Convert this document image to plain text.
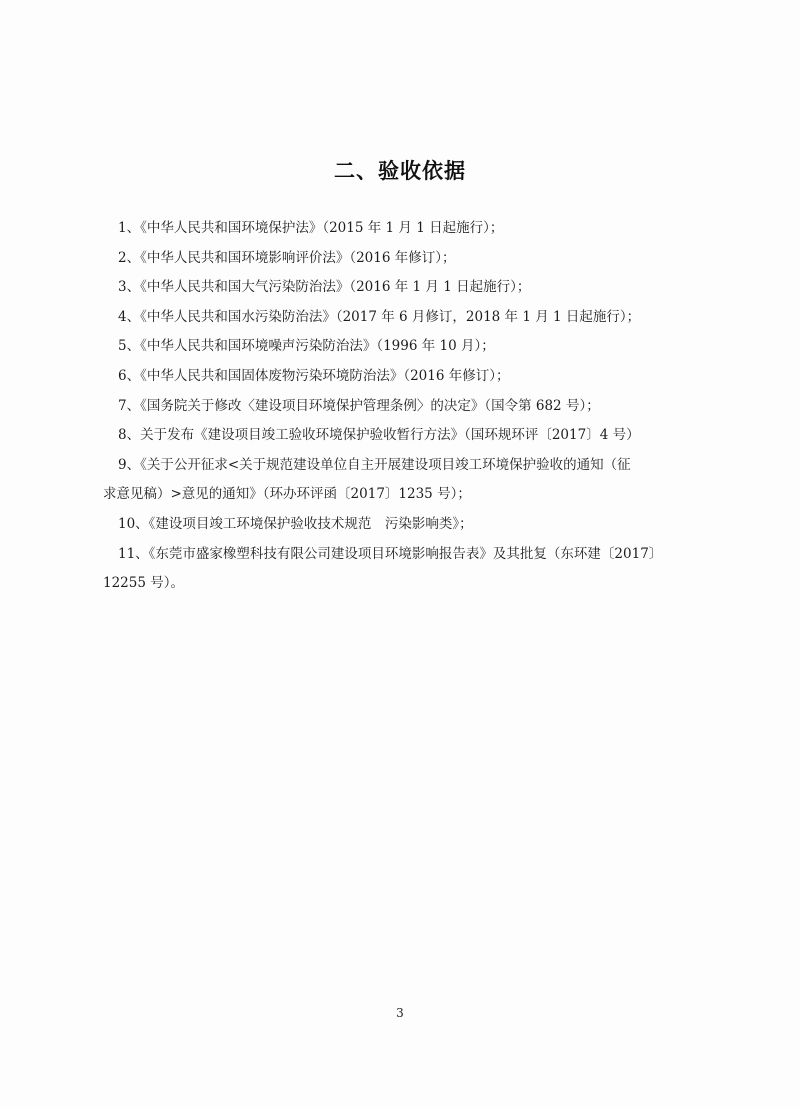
二、验收依据
1、《中华人民共和国环境保护法》（2015 年 1 月 1 日起施行）；
2、《中华人民共和国环境影响评价法》（2016 年修订）；
3、《中华人民共和国大气污染防治法》（2016 年 1 月 1 日起施行）；
4、《中华人民共和国水污染防治法》（2017 年 6 月修订，2018 年 1 月 1 日起施行）；
5、《中华人民共和国环境噪声污染防治法》（1996 年 10 月）；
6、《中华人民共和国固体废物污染环境防治法》（2016 年修订）；
7、《国务院关于修改〈建设项目环境保护管理条例〉的决定》（国令第 682 号）；
8、关于发布《建设项目竣工验收环境保护验收暂行方法》（国环规环评〔2017〕4 号）
9、《关于公开征求<关于规范建设单位自主开展建设项目竣工环境保护验收的通知（征
求意见稿）>意见的通知》（环办环评函〔2017〕1235 号）；
10、《建设项目竣工环境保护验收技术规范　污染影响类》；
11、《东莞市盛家橡塑科技有限公司建设项目环境影响报告表》及其批复（东环建〔2017〕
12255 号）。
3
